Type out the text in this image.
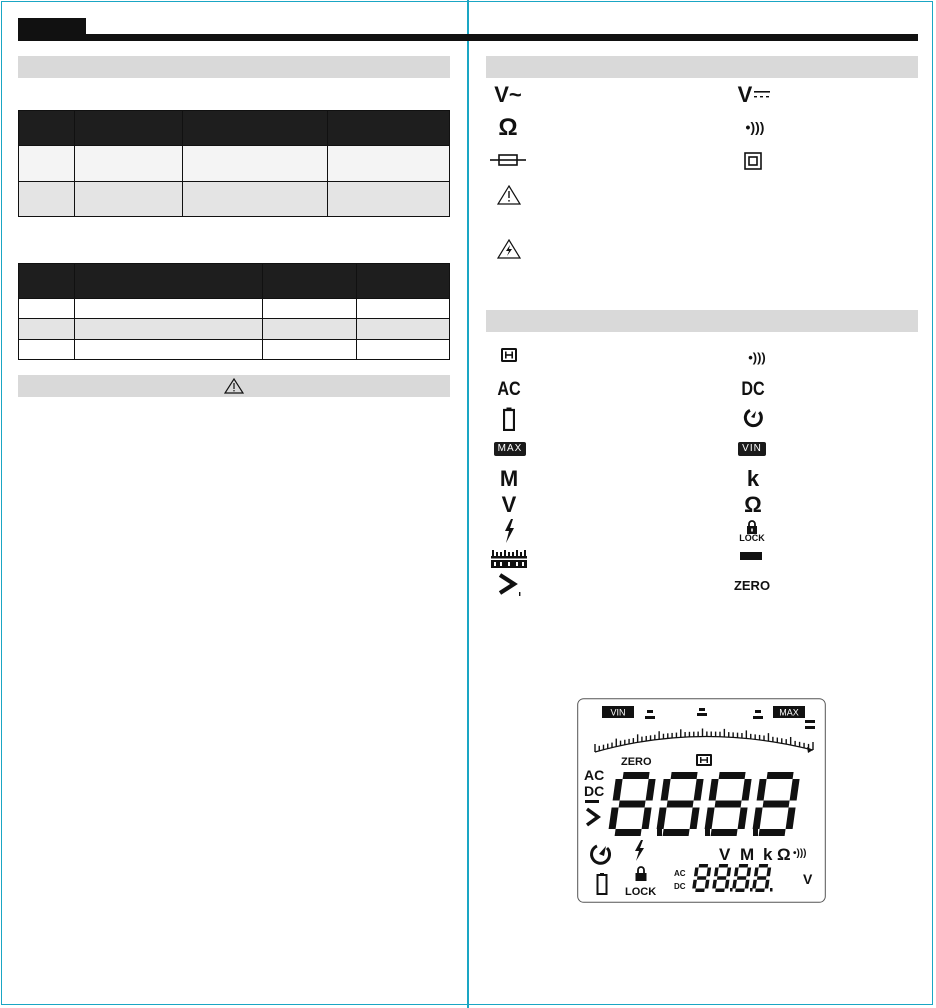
V~	V
Ω	•)))
•)))
AC	DC
MAX	VIN
M	k
V	Ω
LOCK
ZERO
VIN	MAX
ZERO
AC
DC
V M k Ω •)))
LOCK
AC
DC	V
